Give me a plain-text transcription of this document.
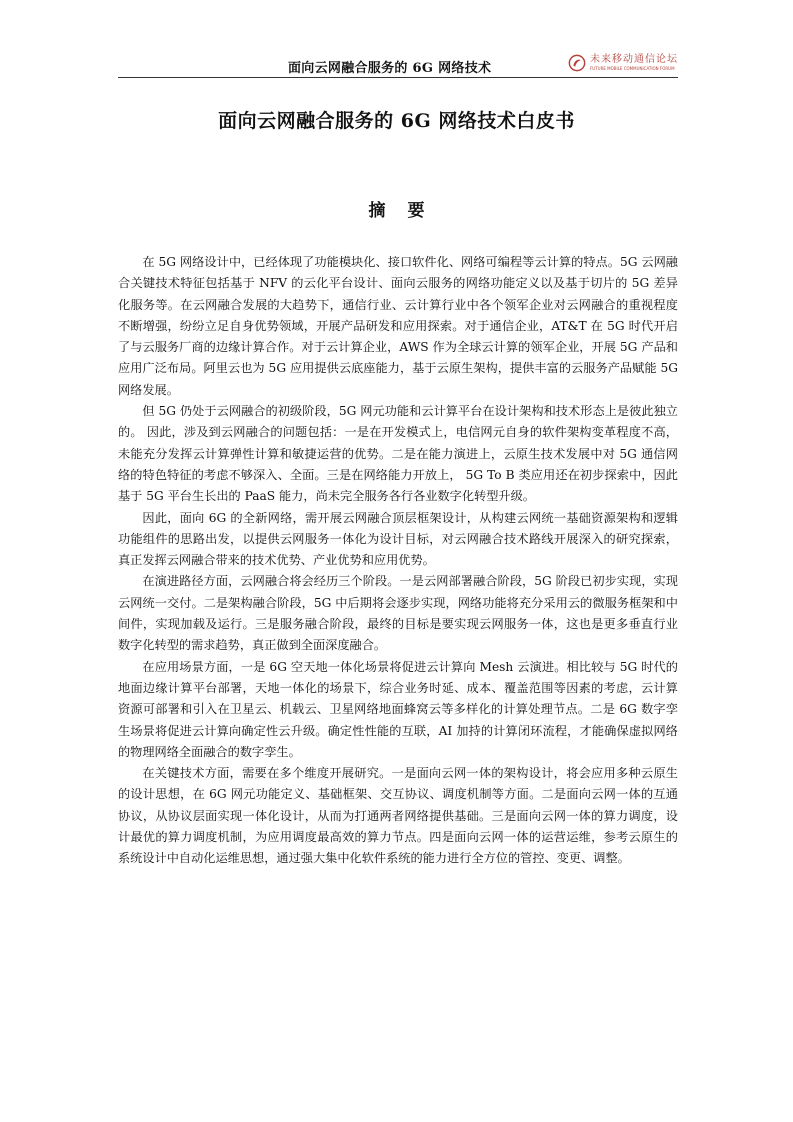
面向云网融合服务的 6G 网络技术
未来移动通信论坛
FUTURE MOBILE COMMUNICATION FORUM
面向云网融合服务的 6G 网络技术白皮书
摘 要

在 5G 网络设计中，已经体现了功能模块化、接口软件化、网络可编程等云计算的特点。5G 云网融合关键技术特征包括基于 NFV 的云化平台设计、面向云服务的网络功能定义以及基于切片的 5G 差异化服务等。在云网融合发展的大趋势下，通信行业、云计算行业中各个领军企业对云网融合的重视程度不断增强，纷纷立足自身优势领域，开展产品研发和应用探索。对于通信企业，AT&T 在 5G 时代开启了与云服务厂商的边缘计算合作。对于云计算企业，AWS 作为全球云计算的领军企业，开展 5G 产品和应用广泛布局。阿里云也为 5G 应用提供云底座能力，基于云原生架构，提供丰富的云服务产品赋能 5G 网络发展。

但 5G 仍处于云网融合的初级阶段，5G 网元功能和云计算平台在设计架构和技术形态上是彼此独立的。 因此，涉及到云网融合的问题包括：一是在开发模式上，电信网元自身的软件架构变革程度不高，未能充分发挥云计算弹性计算和敏捷运营的优势。二是在能力演进上，云原生技术发展中对 5G 通信网络的特色特征的考虑不够深入、全面。三是在网络能力开放上， 5G To B 类应用还在初步探索中，因此基于 5G 平台生长出的 PaaS 能力，尚未完全服务各行各业数字化转型升级。

因此，面向 6G 的全新网络，需开展云网融合顶层框架设计，从构建云网统一基础资源架构和逻辑功能组件的思路出发，以提供云网服务一体化为设计目标，对云网融合技术路线开展深入的研究探索，真正发挥云网融合带来的技术优势、产业优势和应用优势。

在演进路径方面，云网融合将会经历三个阶段。一是云网部署融合阶段，5G 阶段已初步实现，实现云网统一交付。二是架构融合阶段，5G 中后期将会逐步实现，网络功能将充分采用云的微服务框架和中间件，实现加载及运行。三是服务融合阶段，最终的目标是要实现云网服务一体，这也是更多垂直行业数字化转型的需求趋势，真正做到全面深度融合。

在应用场景方面，一是 6G 空天地一体化场景将促进云计算向 Mesh 云演进。相比较与 5G 时代的地面边缘计算平台部署，天地一体化的场景下，综合业务时延、成本、覆盖范围等因素的考虑，云计算资源可部署和引入在卫星云、机载云、卫星网络地面蜂窝云等多样化的计算处理节点。二是 6G 数字孪生场景将促进云计算向确定性云升级。确定性性能的互联，AI 加持的计算闭环流程，才能确保虚拟网络的物理网络全面融合的数字孪生。

在关键技术方面，需要在多个维度开展研究。一是面向云网一体的架构设计，将会应用多种云原生的设计思想，在 6G 网元功能定义、基础框架、交互协议、调度机制等方面。二是面向云网一体的互通协议，从协议层面实现一体化设计，从而为打通两者网络提供基础。三是面向云网一体的算力调度，设计最优的算力调度机制，为应用调度最高效的算力节点。四是面向云网一体的运营运维，参考云原生的系统设计中自动化运维思想，通过强大集中化软件系统的能力进行全方位的管控、变更、调整。
